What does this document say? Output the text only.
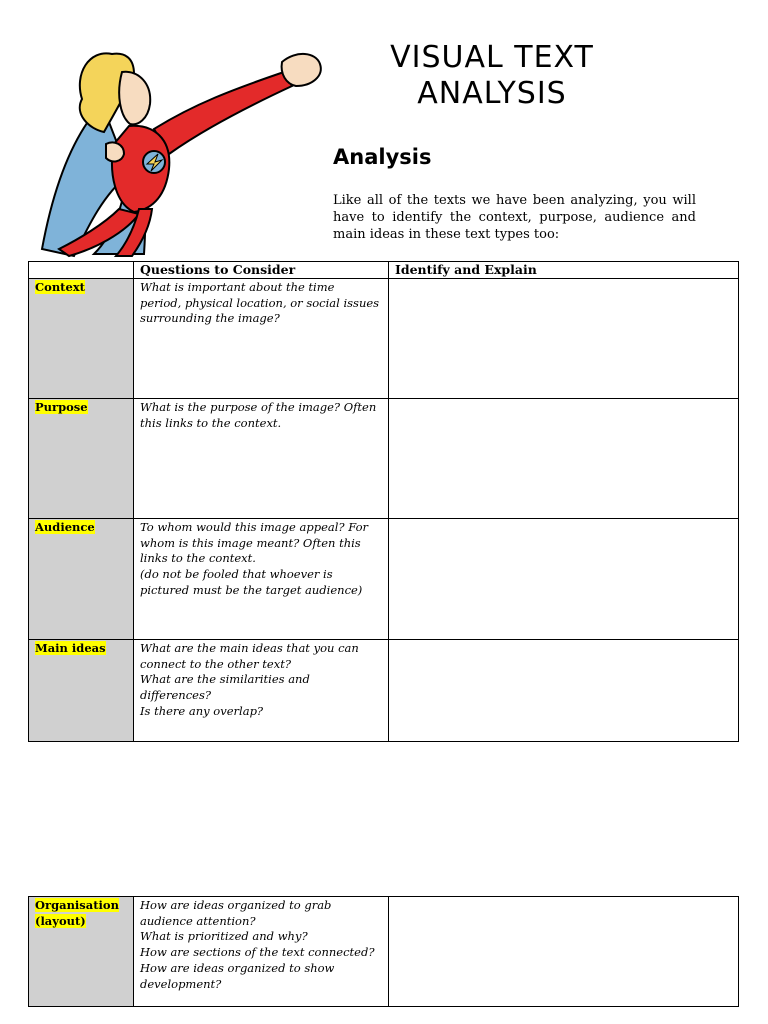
VISUAL TEXT
ANALYSIS
Analysis
Like all of the texts we have been analyzing, you will have to identify the context, purpose, audience and main ideas in these text types too:
	Questions to Consider	Identify and Explain
Context	What is important about the time
period, physical location, or social issues
surrounding the image?	
Purpose	What is the purpose of the image? Often
this links to the context.	
Audience	To whom would this image appeal? For
whom is this image meant? Often this
links to the context.
(do not be fooled that whoever is
pictured must be the target audience)	
Main ideas	What are the main ideas that you can
connect to the other text?
What are the similarities and
differences?
Is there any overlap?	
Organisation
(layout)	How are ideas organized to grab
audience attention?
What is prioritized and why?
How are sections of the text connected?
How are ideas organized to show
development?	
